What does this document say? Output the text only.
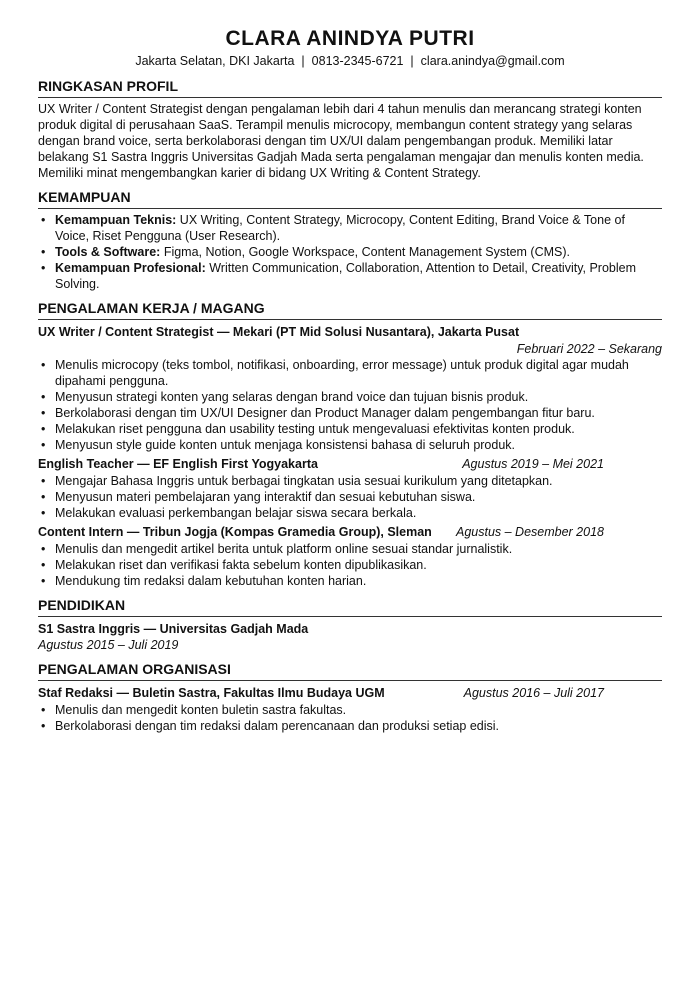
CLARA ANINDYA PUTRI
Jakarta Selatan, DKI Jakarta | 0813-2345-6721 | clara.anindya@gmail.com
RINGKASAN PROFIL
UX Writer / Content Strategist dengan pengalaman lebih dari 4 tahun menulis dan merancang strategi konten produk digital di perusahaan SaaS. Terampil menulis microcopy, membangun content strategy yang selaras dengan brand voice, serta berkolaborasi dengan tim UX/UI dalam pengembangan produk. Memiliki latar belakang S1 Sastra Inggris Universitas Gadjah Mada serta pengalaman mengajar dan menulis konten media. Memiliki minat mengembangkan karier di bidang UX Writing & Content Strategy.
KEMAMPUAN
• Kemampuan Teknis: UX Writing, Content Strategy, Microcopy, Content Editing, Brand Voice & Tone of Voice, Riset Pengguna (User Research).
• Tools & Software: Figma, Notion, Google Workspace, Content Management System (CMS).
• Kemampuan Profesional: Written Communication, Collaboration, Attention to Detail, Creativity, Problem Solving.
PENGALAMAN KERJA / MAGANG
UX Writer / Content Strategist — Mekari (PT Mid Solusi Nusantara), Jakarta Pusat
Februari 2022 – Sekarang
• Menulis microcopy (teks tombol, notifikasi, onboarding, error message) untuk produk digital agar mudah dipahami pengguna.
• Menyusun strategi konten yang selaras dengan brand voice dan tujuan bisnis produk.
• Berkolaborasi dengan tim UX/UI Designer dan Product Manager dalam pengembangan fitur baru.
• Melakukan riset pengguna dan usability testing untuk mengevaluasi efektivitas konten produk.
• Menyusun style guide konten untuk menjaga konsistensi bahasa di seluruh produk.
English Teacher — EF English First Yogyakarta	Agustus 2019 – Mei 2021
• Mengajar Bahasa Inggris untuk berbagai tingkatan usia sesuai kurikulum yang ditetapkan.
• Menyusun materi pembelajaran yang interaktif dan sesuai kebutuhan siswa.
• Melakukan evaluasi perkembangan belajar siswa secara berkala.
Content Intern — Tribun Jogja (Kompas Gramedia Group), Sleman Agustus – Desember 2018
• Menulis dan mengedit artikel berita untuk platform online sesuai standar jurnalistik.
• Melakukan riset dan verifikasi fakta sebelum konten dipublikasikan.
• Mendukung tim redaksi dalam kebutuhan konten harian.
PENDIDIKAN
S1 Sastra Inggris — Universitas Gadjah Mada
Agustus 2015 – Juli 2019
PENGALAMAN ORGANISASI
Staf Redaksi — Buletin Sastra, Fakultas Ilmu Budaya UGM	Agustus 2016 – Juli 2017
• Menulis dan mengedit konten buletin sastra fakultas.
• Berkolaborasi dengan tim redaksi dalam perencanaan dan produksi setiap edisi.
